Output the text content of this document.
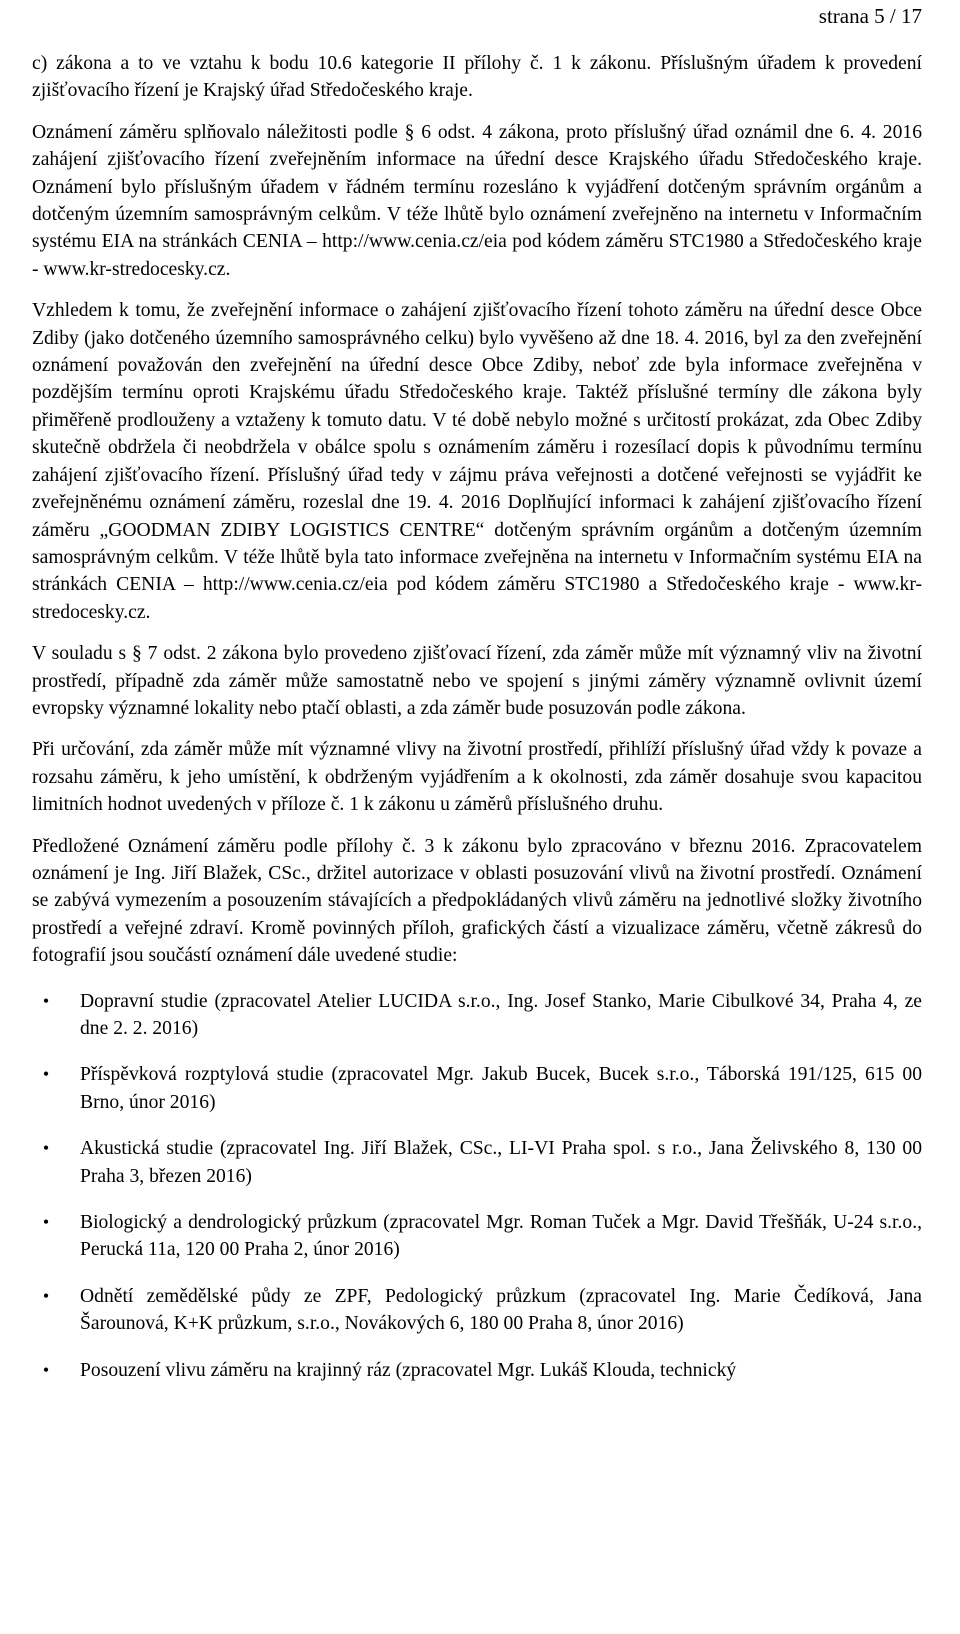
strana 5 / 17

c) zákona a to ve vztahu k bodu 10.6 kategorie II přílohy č. 1 k zákonu. Příslušným úřadem k provedení zjišťovacího řízení je Krajský úřad Středočeského kraje.

Oznámení záměru splňovalo náležitosti podle § 6 odst. 4 zákona, proto příslušný úřad oznámil dne 6. 4. 2016 zahájení zjišťovacího řízení zveřejněním informace na úřední desce Krajského úřadu Středočeského kraje. Oznámení bylo příslušným úřadem v řádném termínu rozesláno k vyjádření dotčeným správním orgánům a dotčeným územním samosprávným celkům. V téže lhůtě bylo oznámení zveřejněno na internetu v Informačním systému EIA na stránkách CENIA – http://www.cenia.cz/eia pod kódem záměru STC1980 a Středočeského kraje - www.kr-stredocesky.cz.

Vzhledem k tomu, že zveřejnění informace o zahájení zjišťovacího řízení tohoto záměru na úřední desce Obce Zdiby (jako dotčeného územního samosprávného celku) bylo vyvěšeno až dne 18. 4. 2016, byl za den zveřejnění oznámení považován den zveřejnění na úřední desce Obce Zdiby, neboť zde byla informace zveřejněna v pozdějším termínu oproti Krajskému úřadu Středočeského kraje. Taktéž příslušné termíny dle zákona byly přiměřeně prodlouženy a vztaženy k tomuto datu. V té době nebylo možné s určitostí prokázat, zda Obec Zdiby skutečně obdržela či neobdržela v obálce spolu s oznámením záměru i rozesílací dopis k původnímu termínu zahájení zjišťovacího řízení. Příslušný úřad tedy v zájmu práva veřejnosti a dotčené veřejnosti se vyjádřit ke zveřejněnému oznámení záměru, rozeslal dne 19. 4. 2016 Doplňující informaci k zahájení zjišťovacího řízení záměru „GOODMAN ZDIBY LOGISTICS CENTRE“ dotčeným správním orgánům a dotčeným územním samosprávným celkům. V téže lhůtě byla tato informace zveřejněna na internetu v Informačním systému EIA na stránkách CENIA – http://www.cenia.cz/eia pod kódem záměru STC1980 a Středočeského kraje - www.kr-stredocesky.cz.

V souladu s § 7 odst. 2 zákona bylo provedeno zjišťovací řízení, zda záměr může mít významný vliv na životní prostředí, případně zda záměr může samostatně nebo ve spojení s jinými záměry významně ovlivnit území evropsky významné lokality nebo ptačí oblasti, a zda záměr bude posuzován podle zákona.

Při určování, zda záměr může mít významné vlivy na životní prostředí, přihlíží příslušný úřad vždy k povaze a rozsahu záměru, k jeho umístění, k obdrženým vyjádřením a k okolnosti, zda záměr dosahuje svou kapacitou limitních hodnot uvedených v příloze č. 1 k zákonu u záměrů příslušného druhu.

Předložené Oznámení záměru podle přílohy č. 3 k zákonu bylo zpracováno v březnu 2016. Zpracovatelem oznámení je Ing. Jiří Blažek, CSc., držitel autorizace v oblasti posuzování vlivů na životní prostředí. Oznámení se zabývá vymezením a posouzením stávajících a předpokládaných vlivů záměru na jednotlivé složky životního prostředí a veřejné zdraví. Kromě povinných příloh, grafických částí a vizualizace záměru, včetně zákresů do fotografií jsou součástí oznámení dále uvedené studie:

•	Dopravní studie (zpracovatel Atelier LUCIDA s.r.o., Ing. Josef Stanko, Marie Cibulkové 34, Praha 4, ze dne 2. 2. 2016)
•	Příspěvková rozptylová studie (zpracovatel Mgr. Jakub Bucek, Bucek s.r.o., Táborská 191/125, 615 00 Brno, únor 2016)
•	Akustická studie (zpracovatel Ing. Jiří Blažek, CSc., LI-VI Praha spol. s r.o., Jana Želivského 8, 130 00 Praha 3, březen 2016)
•	Biologický a dendrologický průzkum (zpracovatel Mgr. Roman Tuček a Mgr. David Třešňák, U-24 s.r.o., Perucká 11a, 120 00 Praha 2, únor 2016)
•	Odnětí zemědělské půdy ze ZPF, Pedologický průzkum (zpracovatel Ing. Marie Čedíková, Jana Šarounová, K+K průzkum, s.r.o., Novákových 6, 180 00 Praha 8, únor 2016)
•	Posouzení vlivu záměru na krajinný ráz (zpracovatel Mgr. Lukáš Klouda, technický
